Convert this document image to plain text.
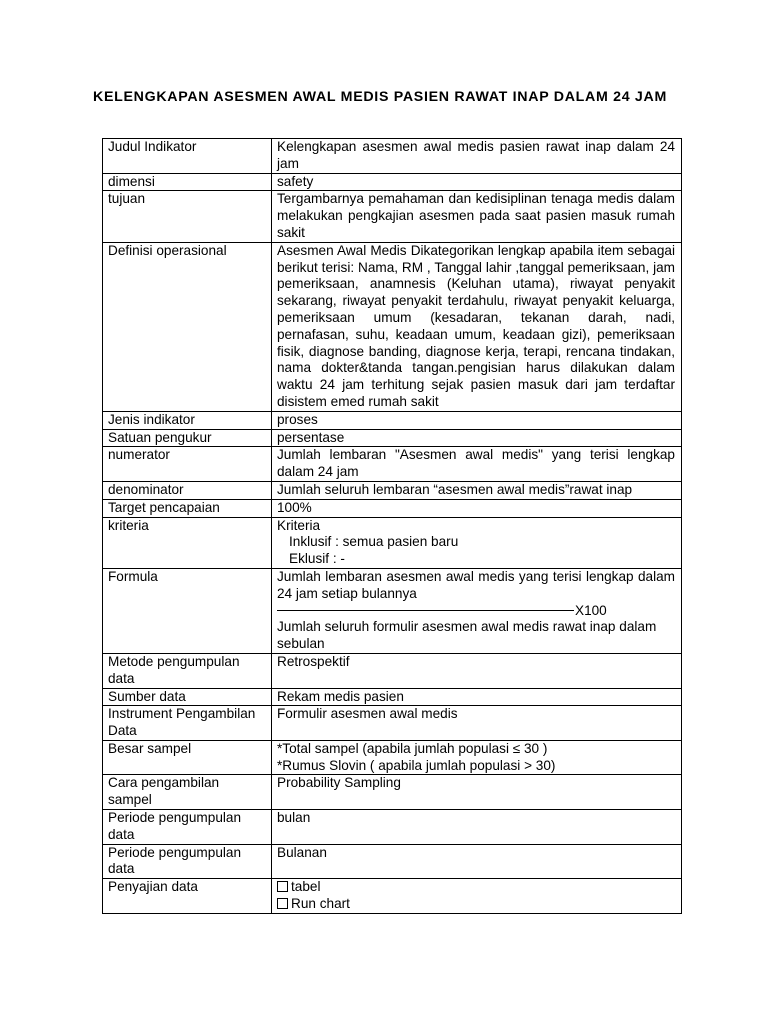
KELENGKAPAN ASESMEN AWAL MEDIS PASIEN RAWAT INAP DALAM 24 JAM
Judul Indikator	Kelengkapan asesmen awal medis pasien rawat inap dalam 24 jam
dimensi	safety
tujuan	Tergambarnya pemahaman dan kedisiplinan tenaga medis dalam melakukan pengkajian asesmen pada saat pasien masuk rumah sakit
Definisi operasional	Asesmen Awal Medis Dikategorikan lengkap apabila item sebagai berikut terisi: Nama, RM , Tanggal lahir ,tanggal pemeriksaan, jam pemeriksaan, anamnesis (Keluhan utama), riwayat penyakit sekarang, riwayat penyakit terdahulu, riwayat penyakit keluarga, pemeriksaan umum (kesadaran, tekanan darah, nadi, pernafasan, suhu, keadaan umum, keadaan gizi), pemeriksaan fisik, diagnose banding, diagnose kerja, terapi, rencana tindakan, nama dokter&tanda tangan.pengisian harus dilakukan dalam waktu 24 jam terhitung sejak pasien masuk dari jam terdaftar disistem emed rumah sakit
Jenis indikator	proses
Satuan pengukur	persentase
numerator	Jumlah lembaran "Asesmen awal medis" yang terisi lengkap dalam 24 jam
denominator	Jumlah seluruh lembaran “asesmen awal medis”rawat inap
Target pencapaian	100%
kriteria	Kriteria
Inklusif : semua pasien baru
Eklusif : -

Formula	Jumlah lembaran asesmen awal medis yang terisi lengkap dalam 24 jam setiap bulannya
X100
Jumlah seluruh formulir asesmen awal medis rawat inap dalam sebulan

Metode pengumpulan data	Retrospektif
Sumber data	Rekam medis pasien
Instrument Pengambilan Data	Formulir asesmen awal medis
Besar sampel	*Total sampel (apabila jumlah populasi ≤ 30 )
*Rumus Slovin ( apabila jumlah populasi > 30)

Cara pengambilan sampel	Probability Sampling
Periode pengumpulan data	bulan
Periode pengumpulan data	Bulanan
Penyajian data	tabel
Run chart
